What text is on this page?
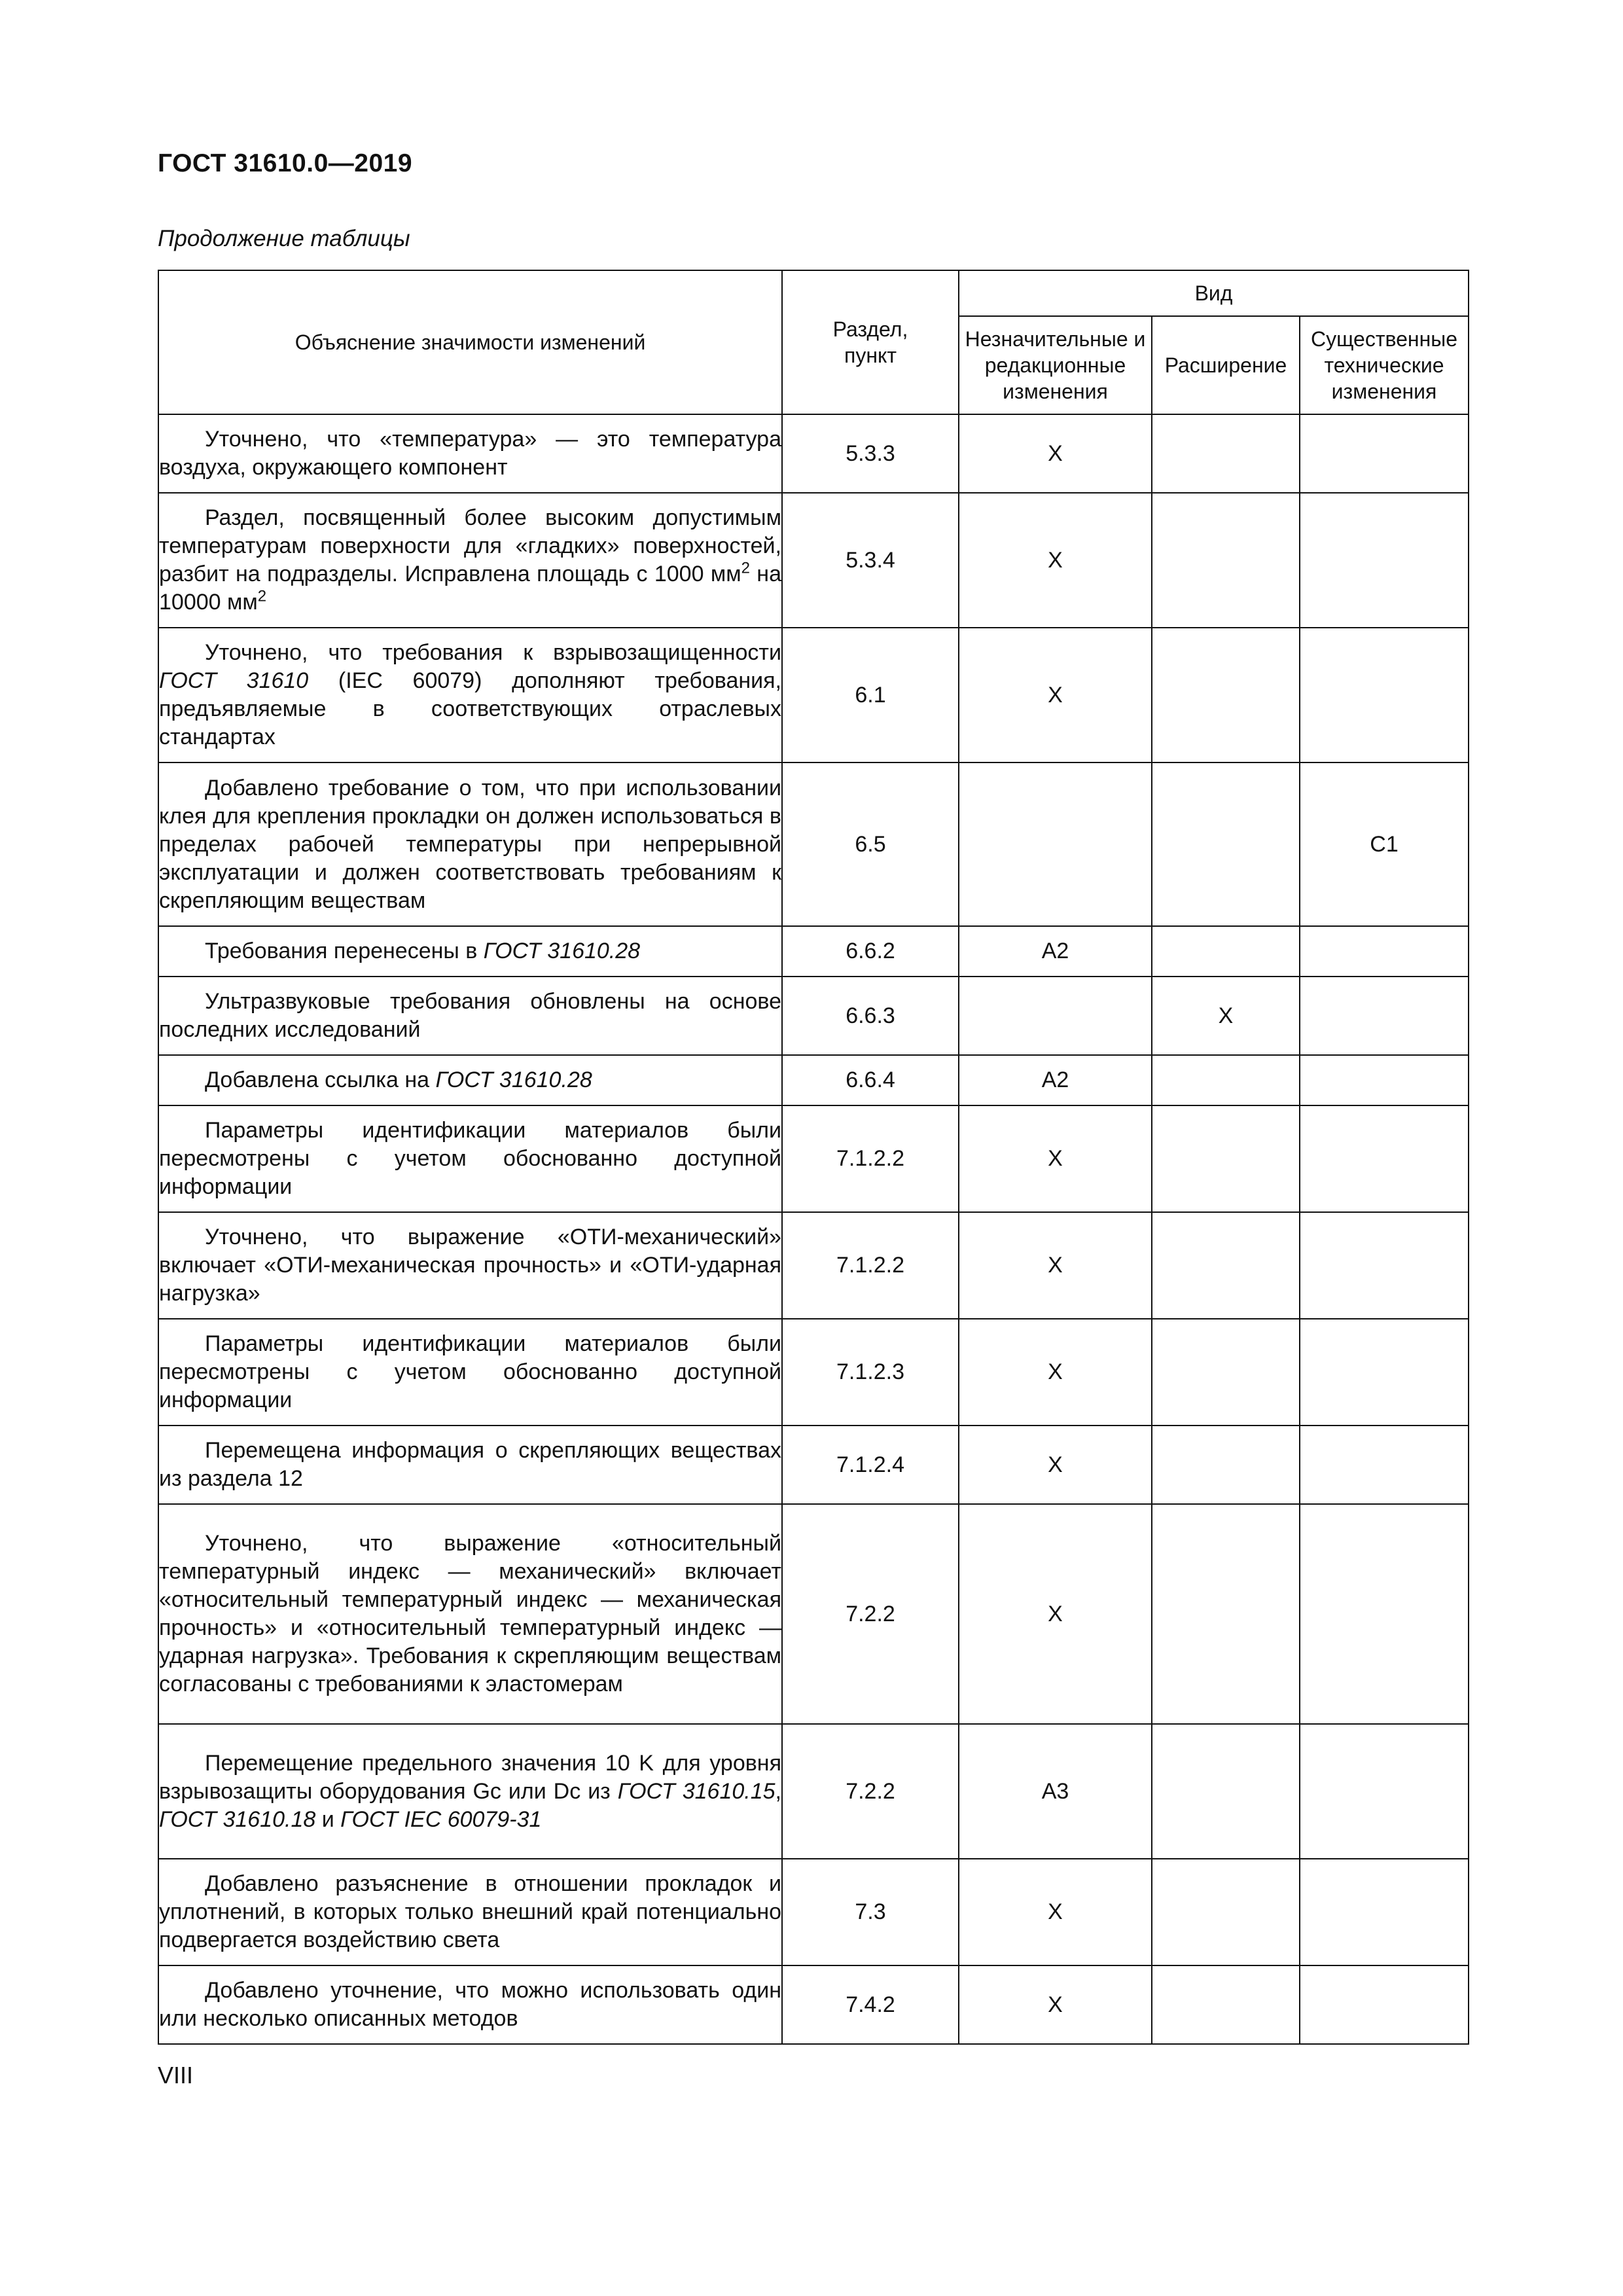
ГОСТ 31610.0—2019
Продолжение таблицы
Объяснение значимости изменений	Раздел, пункт	Вид		
		Незначительные и редакционные изменения	Расширение	Существенные технические изменения

Уточнено, что «температура» — это температура воздуха, окружающего компонент	5.3.3	X		

Раздел, посвященный более высоким допустимым температурам поверхности для «гладких» поверхностей, разбит на подразделы. Исправлена площадь с 1000 $мм^2$ на 10000 $мм^2$	5.3.4	X		

Уточнено, что требования к взрывозащищенности ГОСТ 31610 (IEC 60079) дополняют требования, предъявляемые в соответствующих отраслевых стандартах	6.1	X		

Добавлено требование о том, что при использовании клея для крепления прокладки он должен использоваться в пределах рабочей температуры при непрерывной эксплуатации и должен соответствовать требованиям к скрепляющим веществам	6.5			C1

Требования перенесены в ГОСТ 31610.28	6.6.2	A2		

Ультразвуковые требования обновлены на основе последних исследований	6.6.3		X	

Добавлена ссылка на ГОСТ 31610.28	6.6.4	A2		

Параметры идентификации материалов были пересмотрены с учетом обоснованно доступной информации	7.1.2.2	X		

Уточнено, что выражение «ОТИ-механический» включает «ОТИ-механическая прочность» и «ОТИ-ударная нагрузка»	7.1.2.2	X		

Параметры идентификации материалов были пересмотрены с учетом обоснованно доступной информации	7.1.2.3	X		

Перемещена информация о скрепляющих веществах из раздела 12	7.1.2.4	X		

Уточнено, что выражение «относительный температурный индекс — механический» включает «относительный температурный индекс — механическая прочность» и «относительный температурный индекс — ударная нагрузка». Требования к скрепляющим веществам согласованы с требованиями к эластомерам	7.2.2	X		

Перемещение предельного значения 10 K для уровня взрывозащиты оборудования Gc или Dc из ГОСТ 31610.15, ГОСТ 31610.18 и ГОСТ IEC 60079-31	7.2.2	A3		

Добавлено разъяснение в отношении прокладок и уплотнений, в которых только внешний край потенциально подвергается воздействию света	7.3	X		

Добавлено уточнение, что можно использовать один или несколько описанных методов	7.4.2	X		
VIII
